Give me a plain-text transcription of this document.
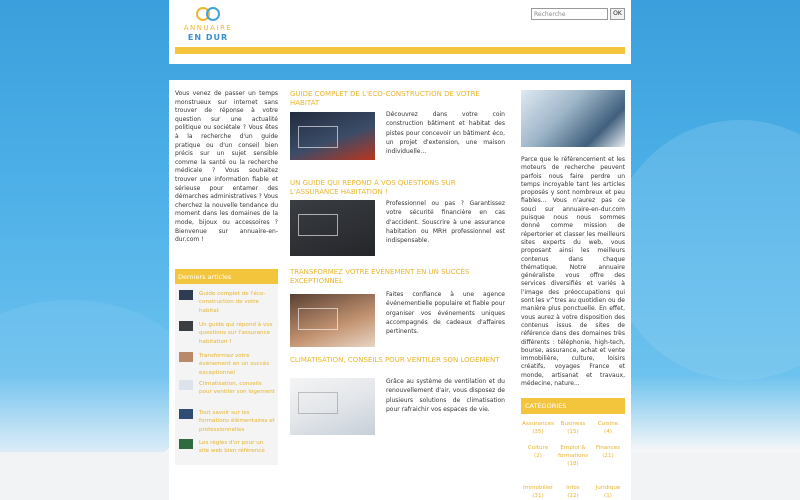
ANNUAIRE
EN DUR
Recherche
OK

Vous venez de passer un temps monstrueux sur internet sans trouver de réponse à votre question sur une actualité politique ou sociétale ? Vous êtes à la recherche d'un guide pratique ou d'un conseil bien précis sur un sujet sensible comme la santé ou la recherche médicale ? Vous souhaitez trouver une information fiable et sérieuse pour entamer des démarches administratives ? Vous cherchez la nouvelle tendance du moment dans les domaines de la mode, bijoux ou accessoires ? Bienvenue sur annuaire-en-dur.com !

Derniers articles
Guide complet de l'éco-construction de votre habitat
Un guide qui répond à vos questions sur l'assurance habitation !
Transformez votre événement en un succès exceptionnel
Climatisation, conseils pour ventiler son logement
Tout savoir sur les formations élémentaires et professionnelles
Les règles d'or pour un site web bien référencé
GUIDE COMPLET DE L'ÉCO-CONSTRUCTION DE VOTRE HABITAT
Découvrez dans votre coin construction bâtiment et habitat des pistes pour concevoir un bâtiment éco, un projet d'extension, une maison individuelle...
UN GUIDE QUI RÉPOND À VOS QUESTIONS SUR L'ASSURANCE HABITATION !
Professionnel ou pas ? Garantissez votre sécurité financière en cas d'accident. Souscrire à une assurance habitation ou MRH professionnel est indispensable.
TRANSFORMEZ VOTRE ÉVÉNEMENT EN UN SUCCÈS EXCEPTIONNEL
Faites confiance à une agence événementielle populaire et fiable pour organiser vos événements uniques accompagnés de cadeaux d'affaires pertinents.
CLIMATISATION, CONSEILS POUR VENTILER SON LOGEMENT
Grâce au système de ventilation et du renouvellement d'air, vous disposez de plusieurs solutions de climatisation pour rafraichir vos espaces de vie.

Parce que le référencement et les moteurs de recherche peuvent parfois nous faire perdre un temps incroyable tant les articles proposés y sont nombreux et peu fiables... Vous n'aurez pas ce souci sur annuaire-en-dur.com puisque nous nous sommes donné comme mission de répertorier et classer les meilleurs sites experts du web, vous proposant ainsi les meilleurs contenus dans chaque thématique. Notre annuaire généraliste vous offre des services diversifiés et variés à l'image des préoccupations qui sont les v^tres au quotidien ou de manière plus ponctuelle. En effet, vous aurez à votre disposition des contenus issus de sites de référence dans des domaines très différents : téléphonie, high-tech, bourse, assurance, achat et vente immobilière, culture, loisirs créatifs, voyages France et monde, artisanat et travaux, médecine, nature...

CATÉGORIES
Assurances
(35)
Business
(15)
Cuisine
(4)
Culture
(2)
Emploi & formations
(18)
Finances
(21)
Immobilier
(31)
Infos
(22)
Juridique
(1)
